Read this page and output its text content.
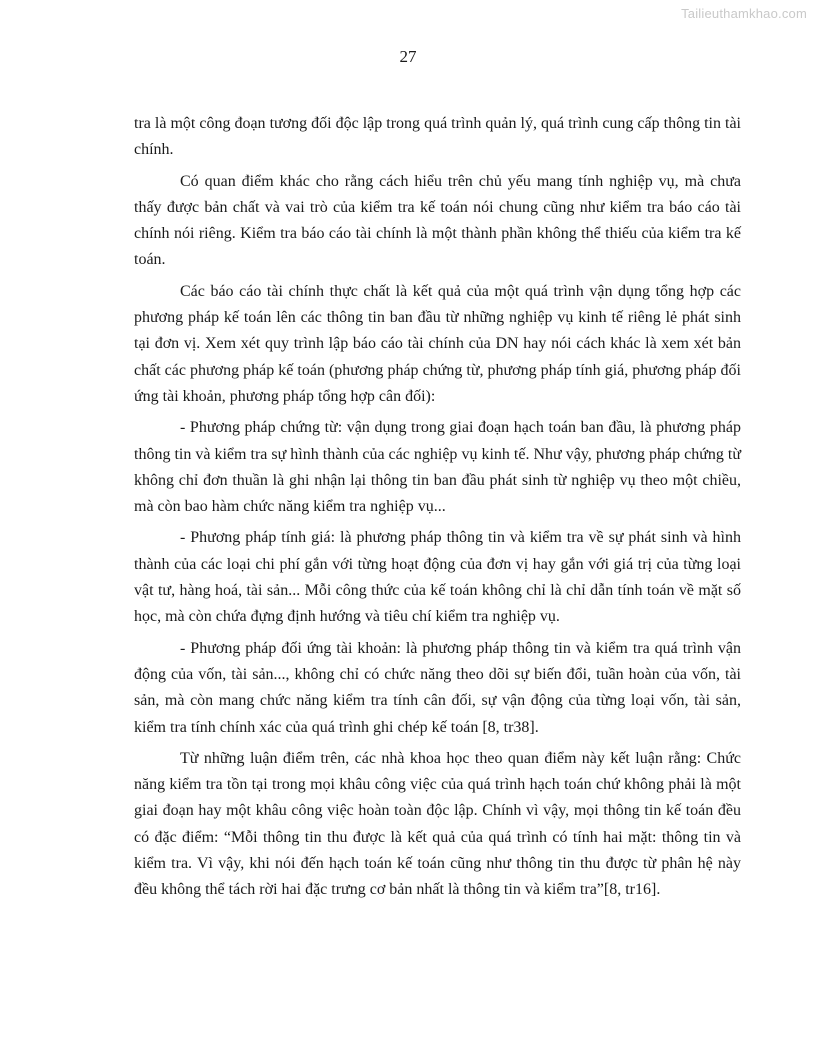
Tailieuthamkhao.com
27

tra là một công đoạn tương đối độc lập trong quá trình quản lý, quá trình cung cấp thông tin tài chính.

Có quan điểm khác cho rằng cách hiểu trên chủ yếu mang tính nghiệp vụ, mà chưa thấy được bản chất và vai trò của kiểm tra kế toán nói chung cũng như kiểm tra báo cáo tài chính nói riêng. Kiểm tra báo cáo tài chính là một thành phần không thể thiếu của kiểm tra kế toán.

Các báo cáo tài chính thực chất là kết quả của một quá trình vận dụng tổng hợp các phương pháp kế toán lên các thông tin ban đầu từ những nghiệp vụ kinh tế riêng lẻ phát sinh tại đơn vị. Xem xét quy trình lập báo cáo tài chính của DN hay nói cách khác là xem xét bản chất các phương pháp kế toán (phương pháp chứng từ, phương pháp tính giá, phương pháp đối ứng tài khoản, phương pháp tổng hợp cân đối):

- Phương pháp chứng từ: vận dụng trong giai đoạn hạch toán ban đầu, là phương pháp thông tin và kiểm tra sự hình thành của các nghiệp vụ kinh tế. Như vậy, phương pháp chứng từ không chỉ đơn thuần là ghi nhận lại thông tin ban đầu phát sinh từ nghiệp vụ theo một chiều, mà còn bao hàm chức năng kiểm tra nghiệp vụ...

- Phương pháp tính giá: là phương pháp thông tin và kiểm tra về sự phát sinh và hình thành của các loại chi phí gắn với từng hoạt động của đơn vị hay gắn với giá trị của từng loại vật tư, hàng hoá, tài sản... Mỗi công thức của kế toán không chỉ là chỉ dẫn tính toán về mặt số học, mà còn chứa đựng định hướng và tiêu chí kiểm tra nghiệp vụ.

- Phương pháp đối ứng tài khoản: là phương pháp thông tin và kiểm tra quá trình vận động của vốn, tài sản..., không chỉ có chức năng theo dõi sự biến đổi, tuần hoàn của vốn, tài sản, mà còn mang chức năng kiểm tra tính cân đối, sự vận động của từng loại vốn, tài sản, kiểm tra tính chính xác của quá trình ghi chép kế toán [8, tr38].

Từ những luận điểm trên, các nhà khoa học theo quan điểm này kết luận rằng: Chức năng kiểm tra tồn tại trong mọi khâu công việc của quá trình hạch toán chứ không phải là một giai đoạn hay một khâu công việc hoàn toàn độc lập. Chính vì vậy, mọi thông tin kế toán đều có đặc điểm: “Mỗi thông tin thu được là kết quả của quá trình có tính hai mặt: thông tin và kiểm tra. Vì vậy, khi nói đến hạch toán kế toán cũng như thông tin thu được từ phân hệ này đều không thể tách rời hai đặc trưng cơ bản nhất là thông tin và kiểm tra”[8, tr16].
